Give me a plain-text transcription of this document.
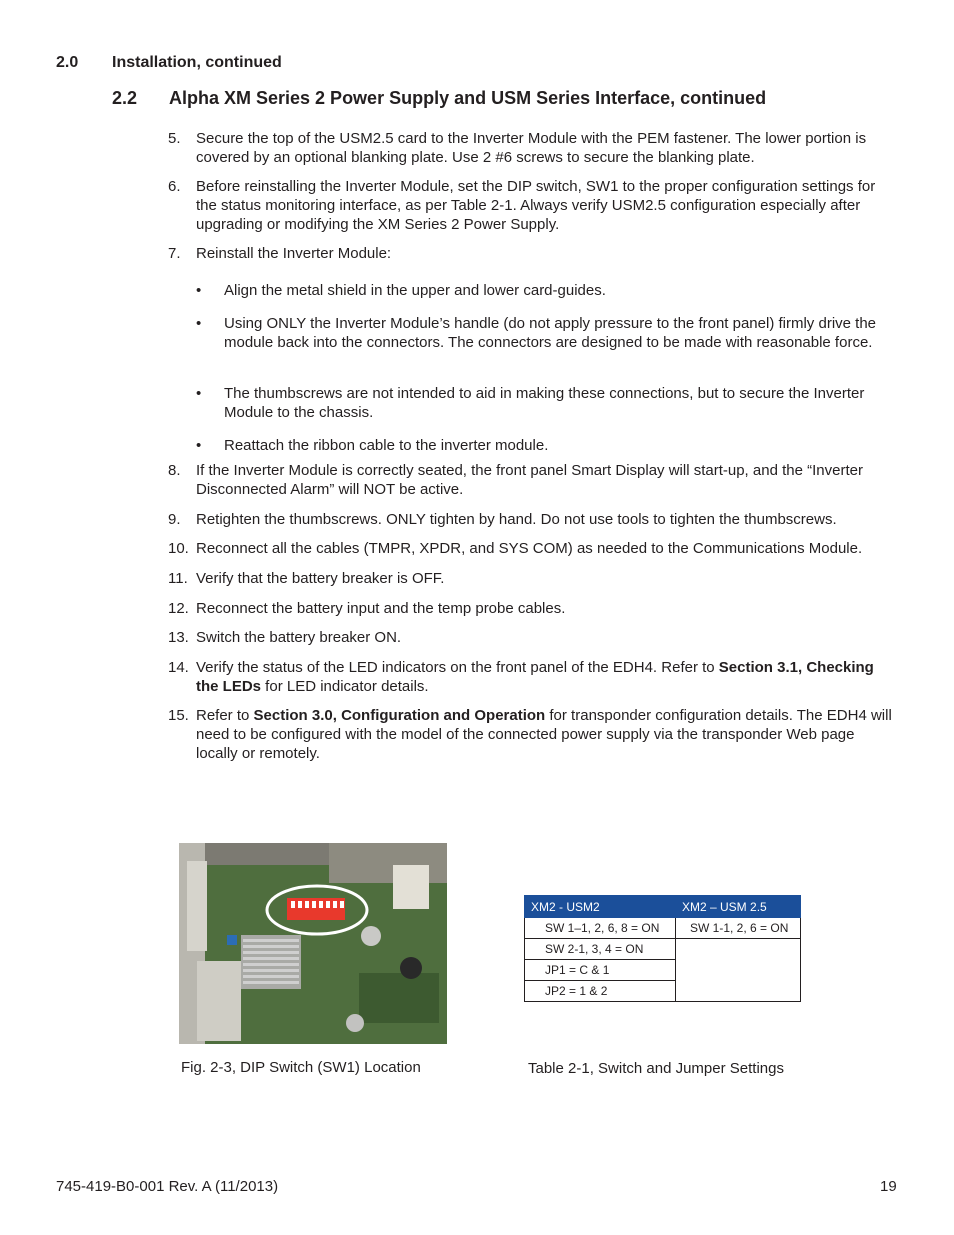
2.0 Installation, continued
2.2 Alpha XM Series 2 Power Supply and USM Series Interface, continued
5.	Secure the top of the USM2.5 card to the Inverter Module with the PEM fastener. The lower portion is covered by an optional blanking plate. Use 2 #6 screws to secure the blanking plate.
6.	Before reinstalling the Inverter Module, set the DIP switch, SW1 to the proper configuration settings for the status monitoring interface, as per Table 2-1. Always verify USM2.5 configuration especially after upgrading or modifying the XM Series 2 Power Supply.
7.	Reinstall the Inverter Module:
• Align the metal shield in the upper and lower card-guides.
• Using ONLY the Inverter Module’s handle (do not apply pressure to the front panel) firmly drive the module back into the connectors. The connectors are designed to be made with reasonable force.
• The thumbscrews are not intended to aid in making these connections, but to secure the Inverter Module to the chassis.
• Reattach the ribbon cable to the inverter module.
8.	If the Inverter Module is correctly seated, the front panel Smart Display will start-up, and the “Inverter Disconnected Alarm” will NOT be active.
9.	Retighten the thumbscrews. ONLY tighten by hand. Do not use tools to tighten the thumbscrews.
10. Reconnect all the cables (TMPR, XPDR, and SYS COM) as needed to the Communications Module.
11. Verify that the battery breaker is OFF.
12. Reconnect the battery input and the temp probe cables.
13. Switch the battery breaker ON.
14. Verify the status of the LED indicators on the front panel of the EDH4. Refer to Section 3.1, Checking the LEDs for LED indicator details.
15. Refer to Section 3.0, Configuration and Operation for transponder configuration details. The EDH4 will need to be configured with the model of the connected power supply via the transponder Web page locally or remotely.
Fig. 2-3, DIP Switch (SW1) Location
XM2 - USM2	XM2 – USM 2.5
SW 1–1, 2, 6, 8 = ON	SW 1-1, 2, 6 = ON
SW 2-1, 3, 4 = ON	
JP1 = C & 1	
JP2 = 1 & 2	
Table 2-1, Switch and Jumper Settings
745-419-B0-001 Rev. A (11/2013)	19
